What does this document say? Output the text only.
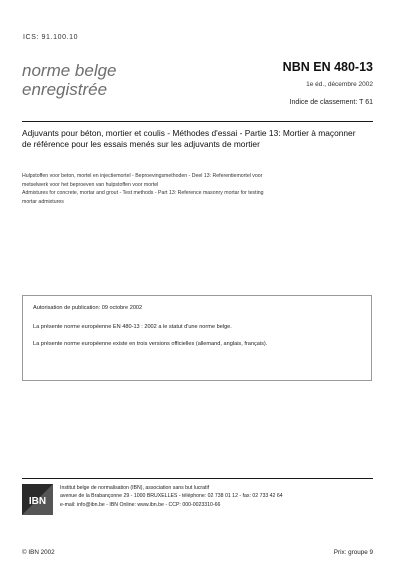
ICS: 91.100.10
norme belge
enregistrée
NBN EN 480-13
1e éd., décembre 2002
Indice de classement: T 61
Adjuvants pour béton, mortier et coulis - Méthodes d'essai - Partie 13: Mortier à maçonner de référence pour les essais menés sur les adjuvants de mortier
Hulpstoffen voor beton, mortel en injectiemortel - Beproevingsmethoden - Deel 13: Referentiemortel voor
metselwerk voor het beproeven van hulpstoffen voor mortel
Admixtures for concrete, mortar and grout - Test methods - Part 13: Reference masonry mortar for testing
mortar admixtures
Autorisation de publication: 09 octobre 2002
La présente norme européenne EN 480-13 : 2002 a le statut d'une norme belge.
La présente norme européenne existe en trois versions officielles (allemand, anglais, français).
IBN
Institut belge de normalisation (IBN), association sans but lucratif
avenue de la Brabançonne 29 - 1000 BRUXELLES - téléphone: 02 738 01 12 - fax: 02 733 42 64
e-mail: info@ibn.be - IBN Online: www.ibn.be - CCP: 000-0023310-66
© IBN 2002	Prix: groupe 9
